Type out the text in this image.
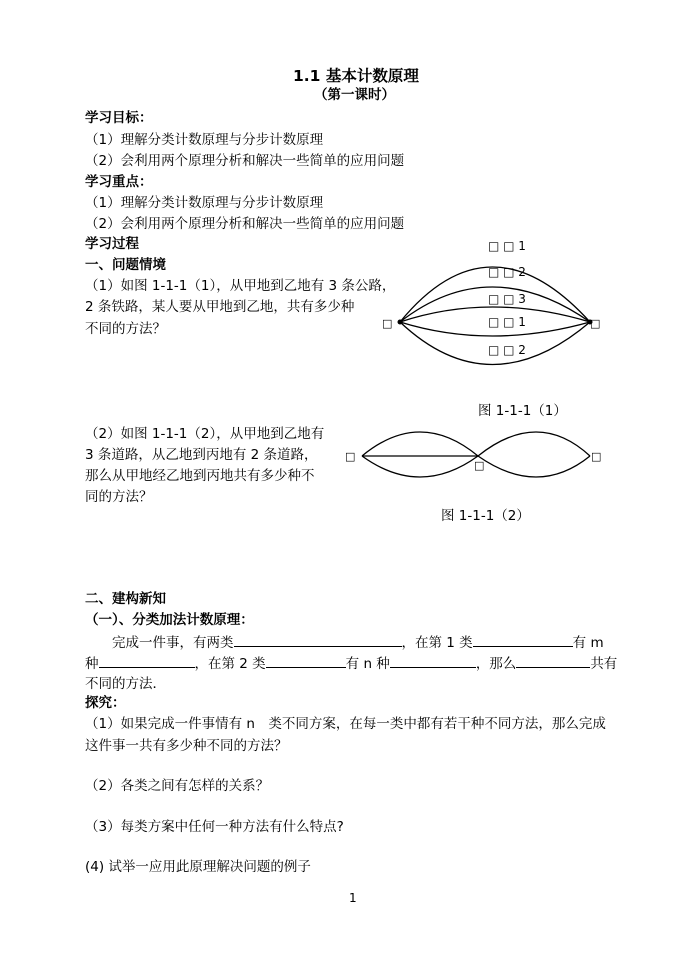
1.1 基本计数原理
（第一课时）
学习目标：
（1）理解分类计数原理与分步计数原理
（2）会利用两个原理分析和解决一些简单的应用问题
学习重点：
（1）理解分类计数原理与分步计数原理
（2）会利用两个原理分析和解决一些简单的应用问题
学习过程
一、问题情境
（1）如图 1-1-1（1），从甲地到乙地有 3 条公路，
2 条铁路，某人要从甲地到乙地，共有多少种
不同的方法？	□	□
□ □ 1
□ □ 2
□ □ 3
□ □ 1
□ □ 2
图 1-1-1（1）
（2）如图 1-1-1（2），从甲地到乙地有
3 条道路，从乙地到丙地有 2 条道路，
那么从甲地经乙地到丙地共有多少种不
同的方法？
□
□
□
图 1-1-1（2）
二、建构新知
（一）、分类加法计数原理：
完成一件事，有两类	，在第 1 类	有 m
种	，在第 2 类	有 n 种	，那么	共有
不同的方法．
探究：
（1）如果完成一件事情有 n　类不同方案，在每一类中都有若干种不同方法，那么完成
这件事一共有多少种不同的方法？
（2）各类之间有怎样的关系？
（3）每类方案中任何一种方法有什么特点?
(4) 试举一应用此原理解决问题的例子
1
